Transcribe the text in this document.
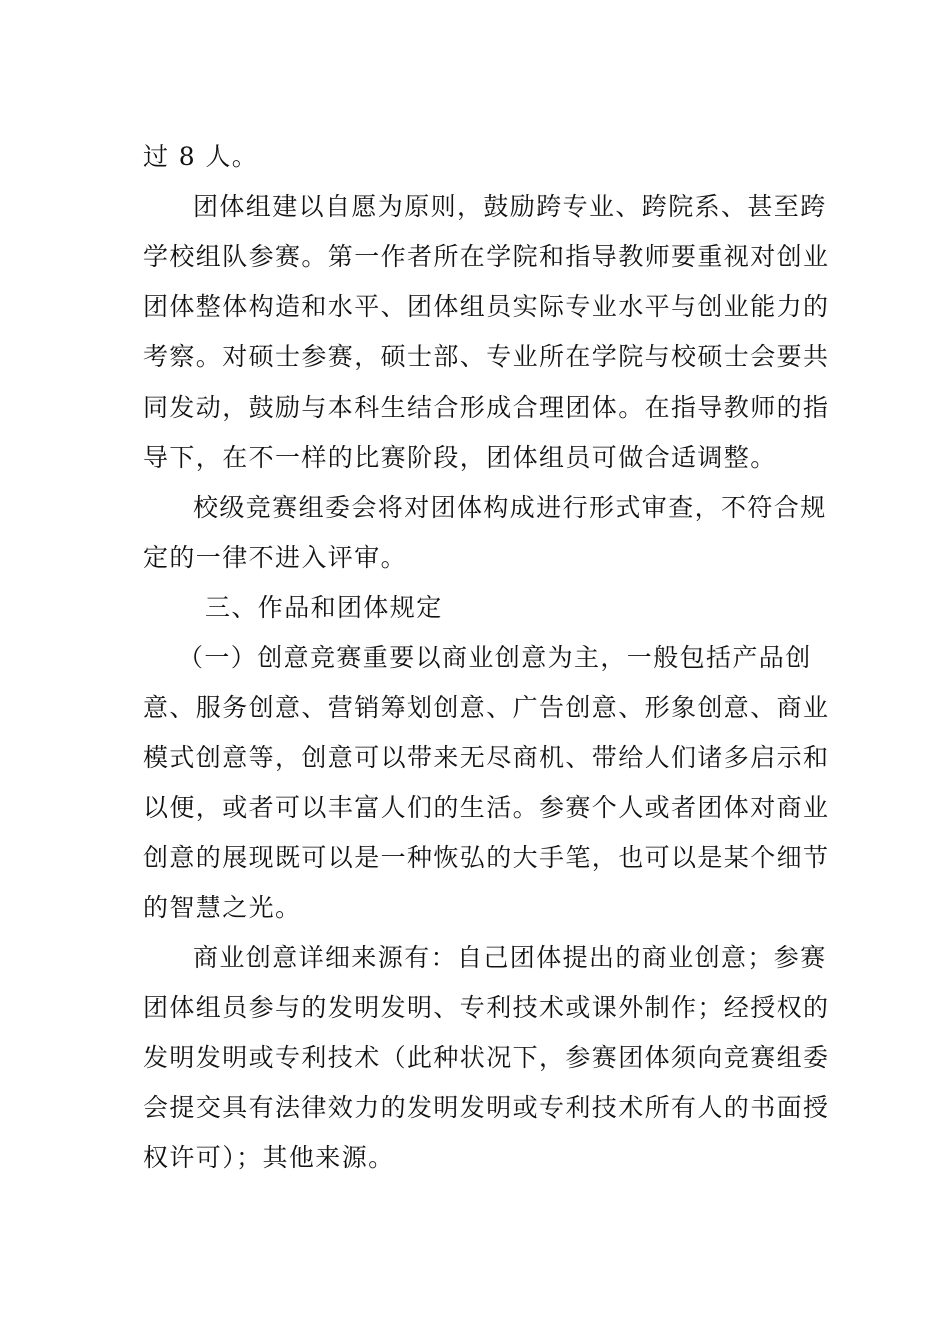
过 8 人。
团体组建以自愿为原则，鼓励跨专业、跨院系、甚至跨
学校组队参赛。第一作者所在学院和指导教师要重视对创业
团体整体构造和水平、团体组员实际专业水平与创业能力的
考察。对硕士参赛，硕士部、专业所在学院与校硕士会要共
同发动，鼓励与本科生结合形成合理团体。在指导教师的指
导下，在不一样的比赛阶段，团体组员可做合适调整。
校级竞赛组委会将对团体构成进行形式审查，不符合规
定的一律不进入评审。
三、作品和团体规定
（一）创意竞赛重要以商业创意为主，一般包括产品创
意、服务创意、营销筹划创意、广告创意、形象创意、商业
模式创意等，创意可以带来无尽商机、带给人们诸多启示和
以便，或者可以丰富人们的生活。参赛个人或者团体对商业
创意的展现既可以是一种恢弘的大手笔，也可以是某个细节
的智慧之光。
商业创意详细来源有：自己团体提出的商业创意；参赛
团体组员参与的发明发明、专利技术或课外制作；经授权的
发明发明或专利技术（此种状况下，参赛团体须向竞赛组委
会提交具有法律效力的发明发明或专利技术所有人的书面授
权许可）；其他来源。
